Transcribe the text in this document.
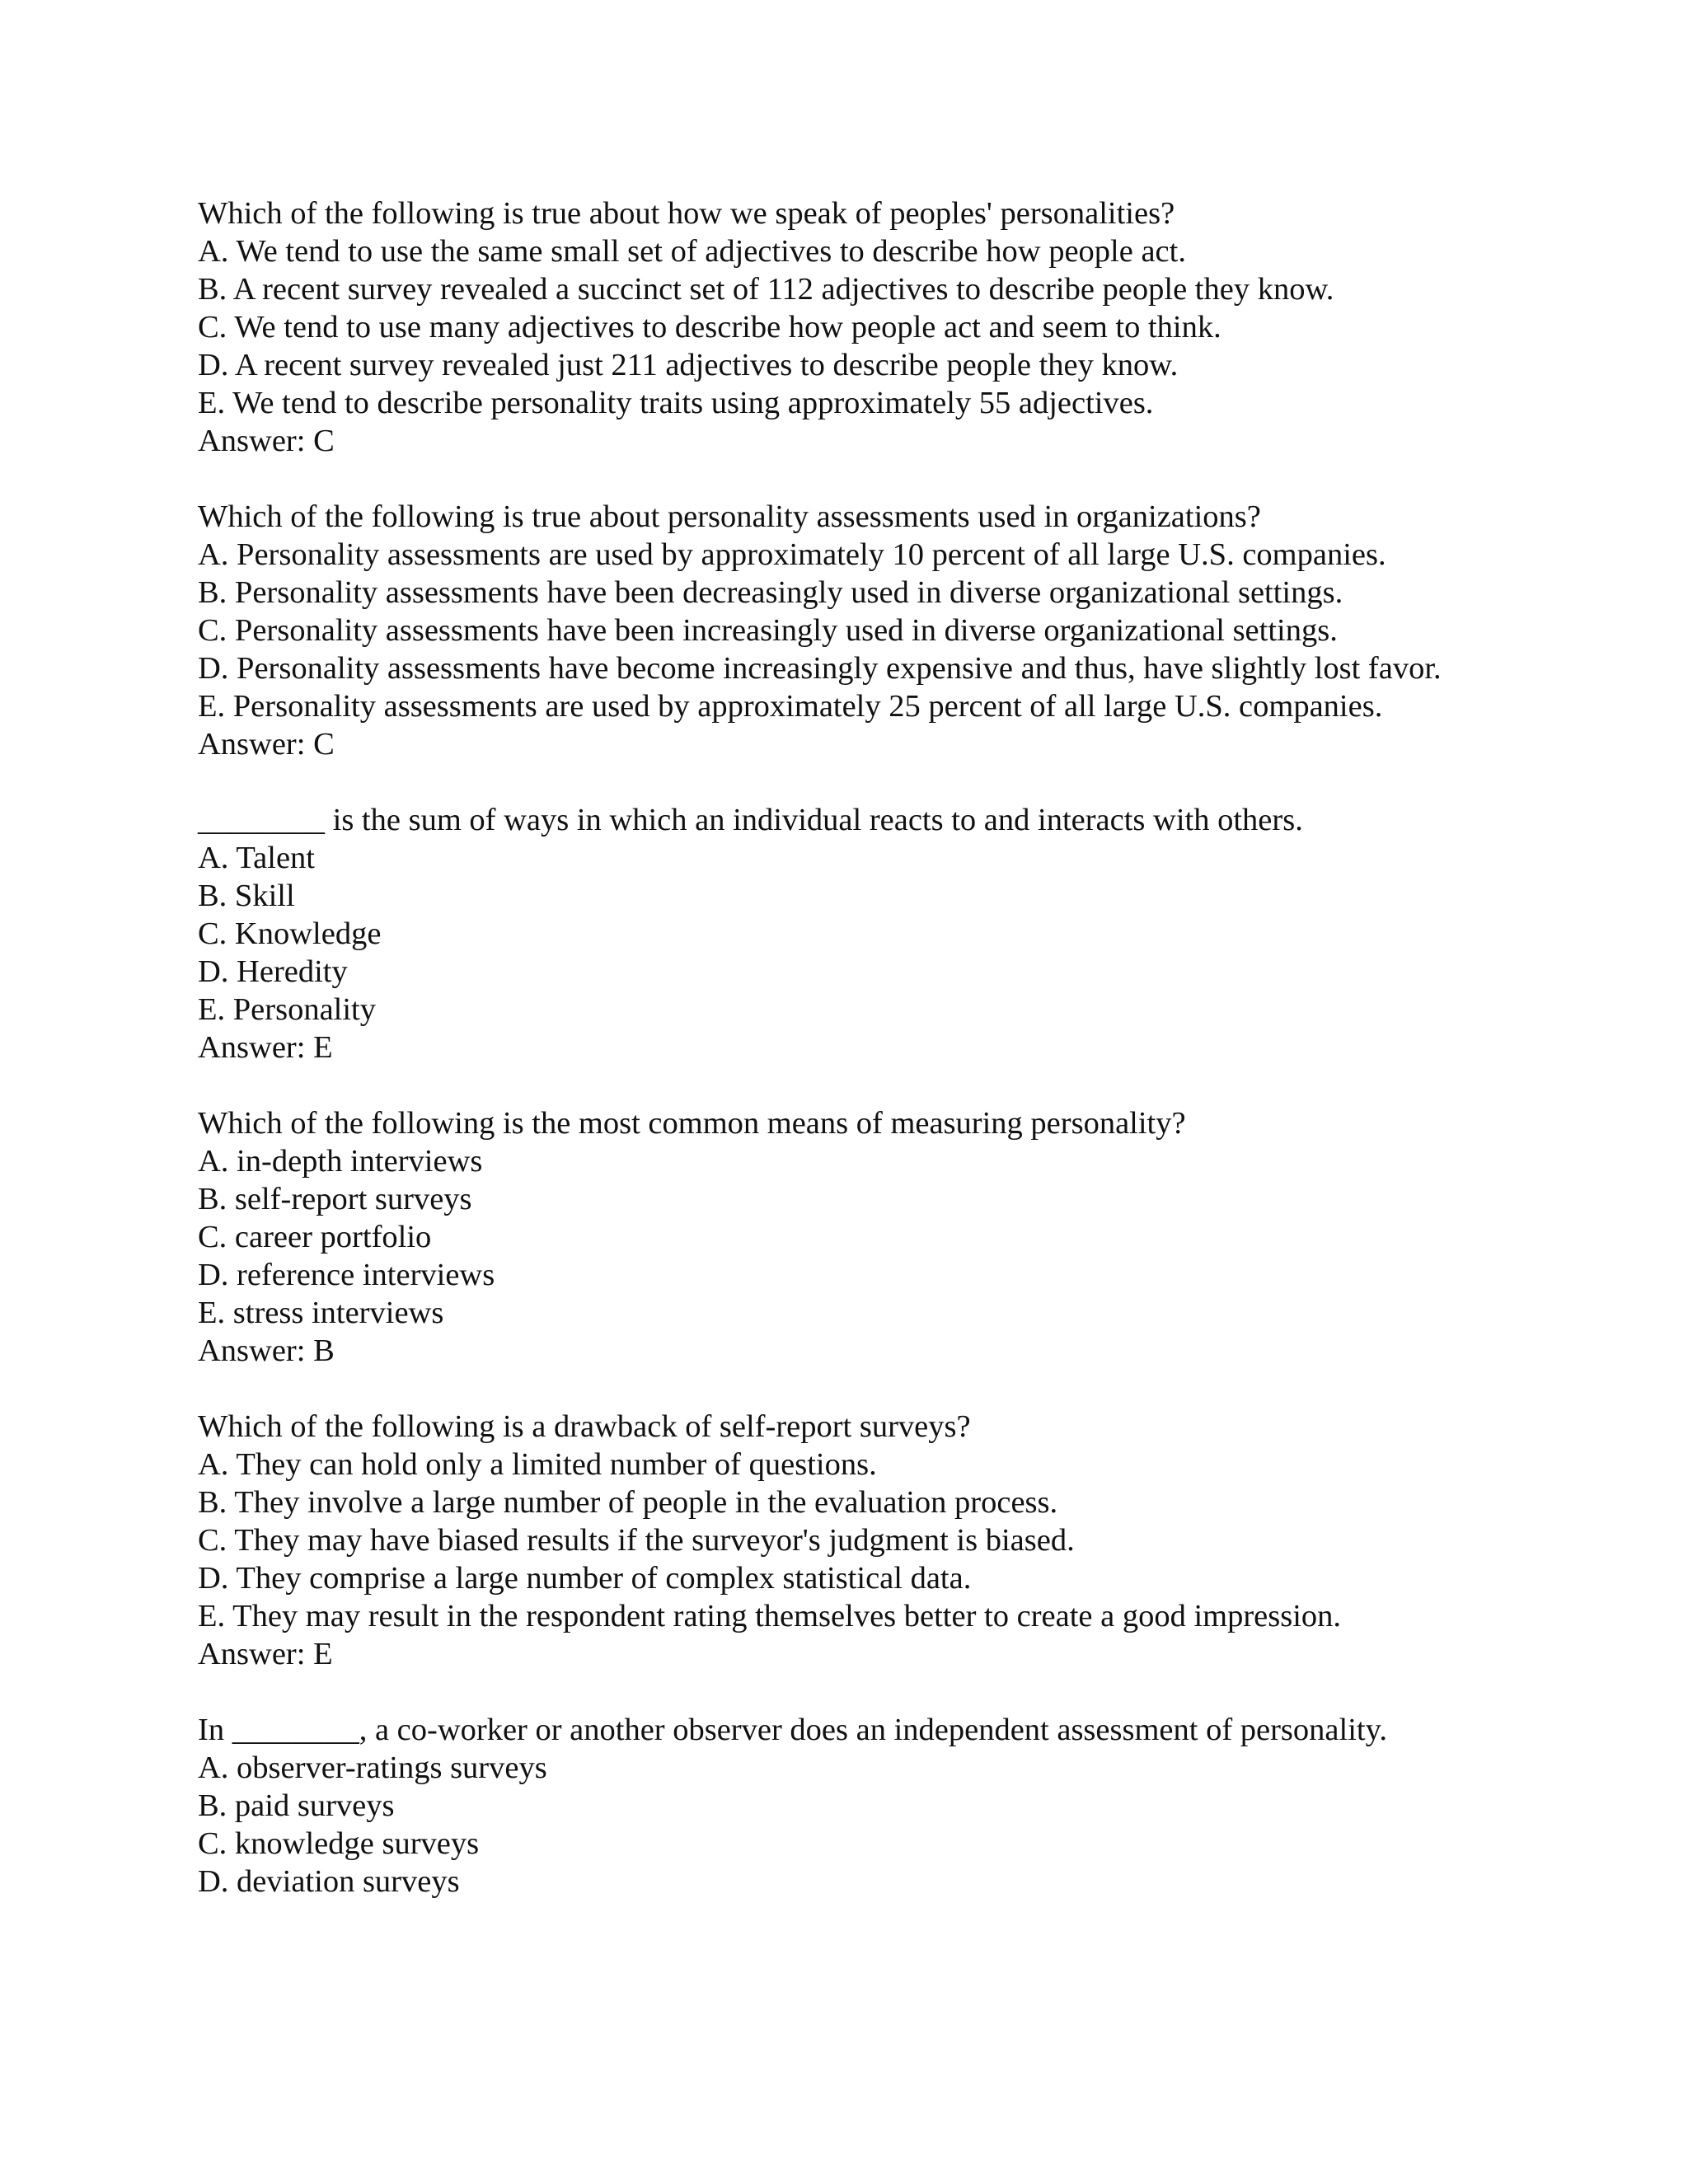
Which of the following is true about how we speak of peoples' personalities?

A. We tend to use the same small set of adjectives to describe how people act.

B. A recent survey revealed a succinct set of 112 adjectives to describe people they know.

C. We tend to use many adjectives to describe how people act and seem to think.

D. A recent survey revealed just 211 adjectives to describe people they know.

E. We tend to describe personality traits using approximately 55 adjectives.

Answer: C

Which of the following is true about personality assessments used in organizations?

A. Personality assessments are used by approximately 10 percent of all large U.S. companies.

B. Personality assessments have been decreasingly used in diverse organizational settings.

C. Personality assessments have been increasingly used in diverse organizational settings.

D. Personality assessments have become increasingly expensive and thus, have slightly lost favor.

E. Personality assessments are used by approximately 25 percent of all large U.S. companies.

Answer: C

________ is the sum of ways in which an individual reacts to and interacts with others.

A. Talent

B. Skill

C. Knowledge

D. Heredity

E. Personality

Answer: E

Which of the following is the most common means of measuring personality?

A. in-depth interviews

B. self-report surveys

C. career portfolio

D. reference interviews

E. stress interviews

Answer: B

Which of the following is a drawback of self-report surveys?

A. They can hold only a limited number of questions.

B. They involve a large number of people in the evaluation process.

C. They may have biased results if the surveyor's judgment is biased.

D. They comprise a large number of complex statistical data.

E. They may result in the respondent rating themselves better to create a good impression.

Answer: E

In ________, a co-worker or another observer does an independent assessment of personality.

A. observer-ratings surveys

B. paid surveys

C. knowledge surveys

D. deviation surveys
